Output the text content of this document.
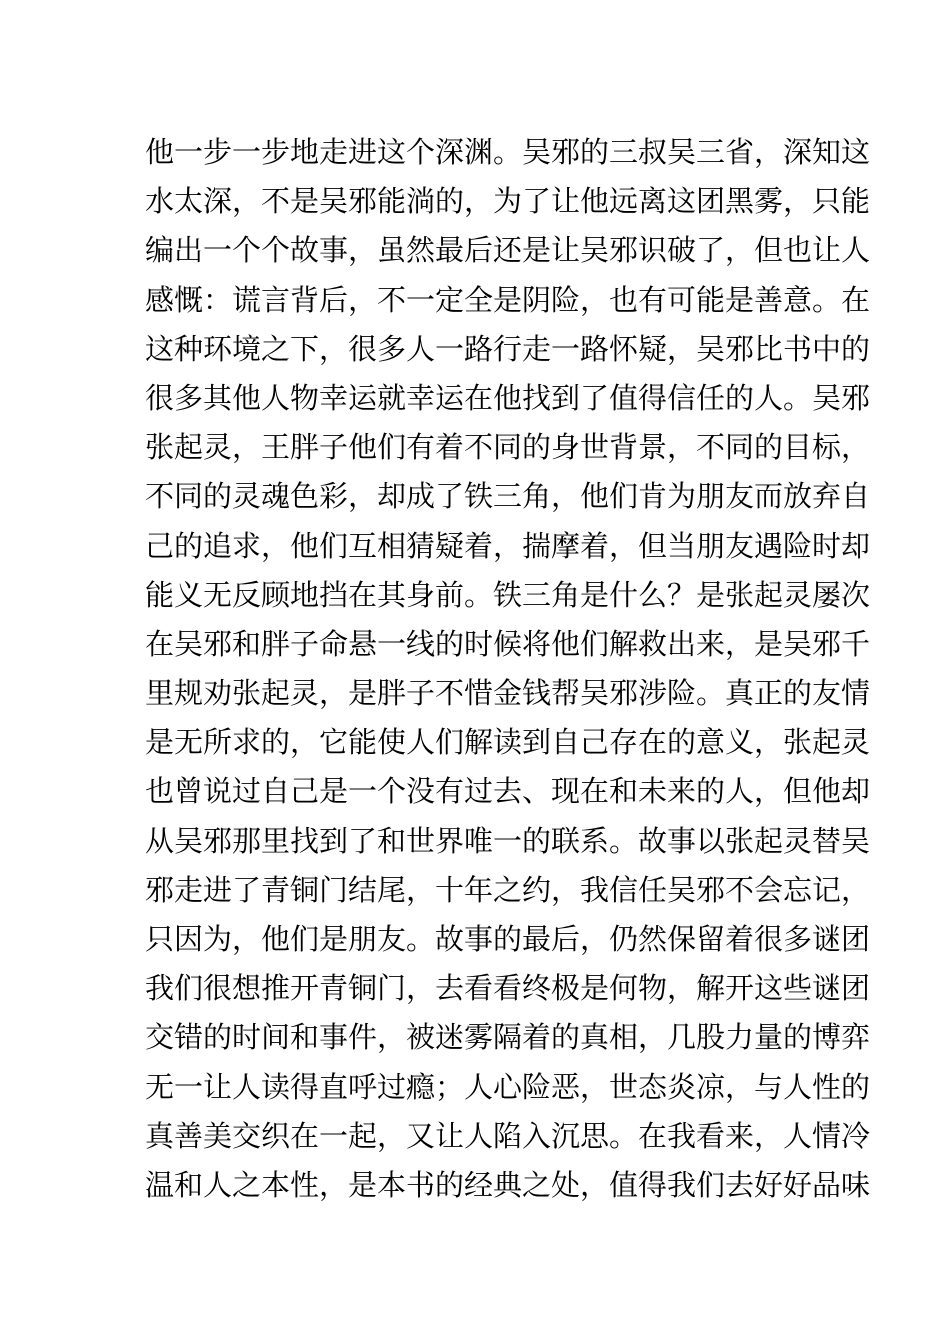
他一步一步地走进这个深渊。吴邪的三叔吴三省，深知这
水太深，不是吴邪能淌的，为了让他远离这团黑雾，只能
编出一个个故事，虽然最后还是让吴邪识破了，但也让人
感慨：谎言背后，不一定全是阴险，也有可能是善意。在
这种环境之下，很多人一路行走一路怀疑，吴邪比书中的
很多其他人物幸运就幸运在他找到了值得信任的人。吴邪
张起灵，王胖子他们有着不同的身世背景，不同的目标，
不同的灵魂色彩，却成了铁三角，他们肯为朋友而放弃自
己的追求，他们互相猜疑着，揣摩着，但当朋友遇险时却
能义无反顾地挡在其身前。铁三角是什么？是张起灵屡次
在吴邪和胖子命悬一线的时候将他们解救出来，是吴邪千
里规劝张起灵，是胖子不惜金钱帮吴邪涉险。真正的友情
是无所求的，它能使人们解读到自己存在的意义，张起灵
也曾说过自己是一个没有过去、现在和未来的人，但他却
从吴邪那里找到了和世界唯一的联系。故事以张起灵替吴
邪走进了青铜门结尾，十年之约，我信任吴邪不会忘记，
只因为，他们是朋友。故事的最后，仍然保留着很多谜团
我们很想推开青铜门，去看看终极是何物，解开这些谜团
交错的时间和事件，被迷雾隔着的真相，几股力量的博弈
无一让人读得直呼过瘾；人心险恶，世态炎凉，与人性的
真善美交织在一起，又让人陷入沉思。在我看来，人情冷
温和人之本性，是本书的经典之处，值得我们去好好品味
